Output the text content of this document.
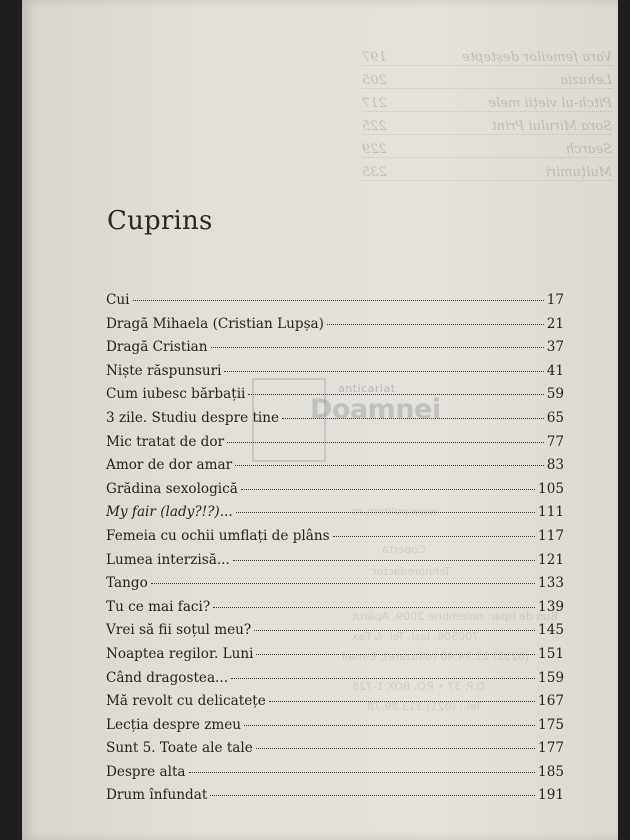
Vara femeilor deștepte
197
Lehuzia
205
Pitch-ul vieții mele
217
Sora Mirului Print
225
Search
229
Mulțumiri
235
www.polirom.ro
Coperta
Tehnoredactor
Bun de tipar: noiembrie 2009. Apărut
700506, Iași, Tel. & Fax
(0232) 21.74.40 (difuzare); E-mail
O.P. 37 • P.O. BOX 1-728
Tel.: (021) 313.89.78
Cuprins
Cui	17
Dragă Mihaela (Cristian Lupșa)	21
Dragă Cristian	37
Niște răspunsuri	41
Cum iubesc bărbații	59
3 zile. Studiu despre tine	65
Mic tratat de dor	77
Amor de dor amar	83
Grădina sexologică	105
My fair (lady?!?)...	111
Femeia cu ochii umflați de plâns	117
Lumea interzisă...	121
Tango	133
Tu ce mai faci?	139
Vrei să fii soțul meu?	145
Noaptea regilor. Luni	151
Când dragostea...	159
Mă revolt cu delicatețe	167
Lecția despre zmeu	175
Sunt 5. Toate ale tale	177
Despre alta	185
Drum înfundat	191
anticariat
Doamnei
